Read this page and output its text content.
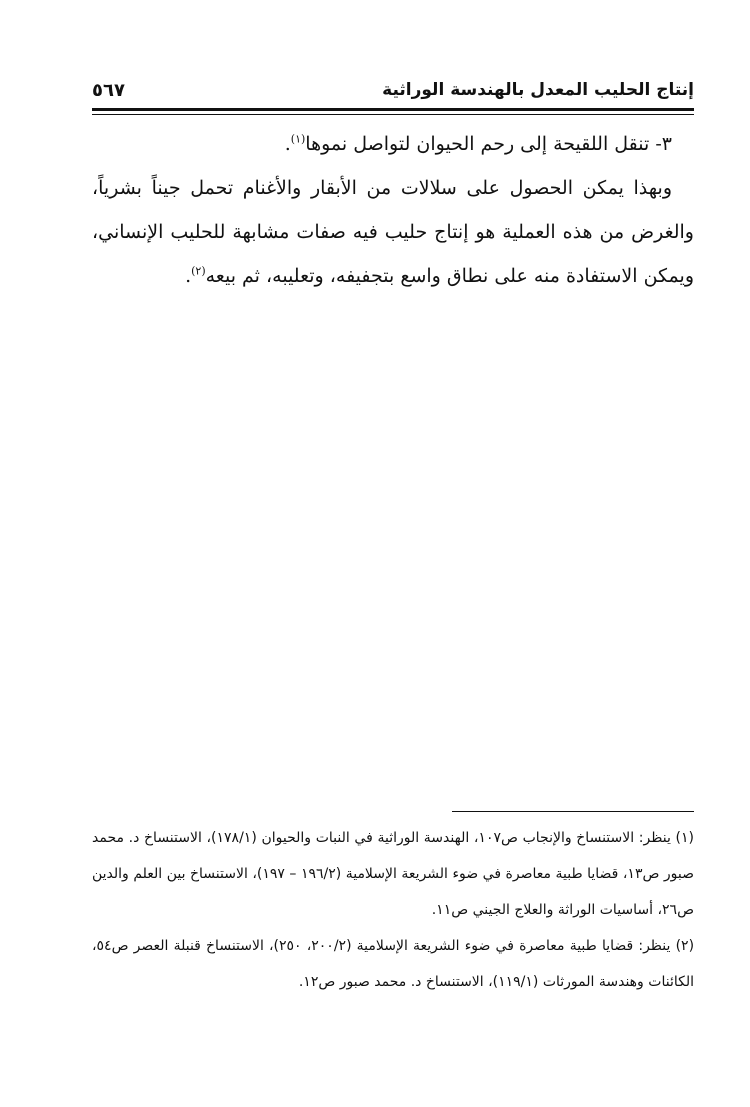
إنتاج الحليب المعدل بالهندسة الوراثية
٥٦٧

٣- تنقل اللقيحة إلى رحم الحيوان لتواصل نموها$^{(١)}$.

وبهذا يمكن الحصول على سلالات من الأبقار والأغنام تحمل جيناً بشرياً، والغرض من هذه العملية هو إنتاج حليب فيه صفات مشابهة للحليب الإنساني، ويمكن الاستفادة منه على نطاق واسع بتجفيفه، وتعليبه، ثم بيعه$^{(٢)}$.

(١) ينظر: الاستنساخ والإنجاب ص١٠٧، الهندسة الوراثية في النبات والحيوان (١٧٨/١)، الاستنساخ د. محمد صبور ص١٣، قضايا طبية معاصرة في ضوء الشريعة الإسلامية (١٩٦/٢ – ١٩٧)، الاستنساخ بين العلم والدين ص٢٦، أساسيات الوراثة والعلاج الجيني ص١١.

(٢) ينظر: قضايا طبية معاصرة في ضوء الشريعة الإسلامية (٢٠٠/٢، ٢٥٠)، الاستنساخ قنبلة العصر ص٥٤، الكائنات وهندسة المورثات (١١٩/١)، الاستنساخ د. محمد صبور ص١٢.
